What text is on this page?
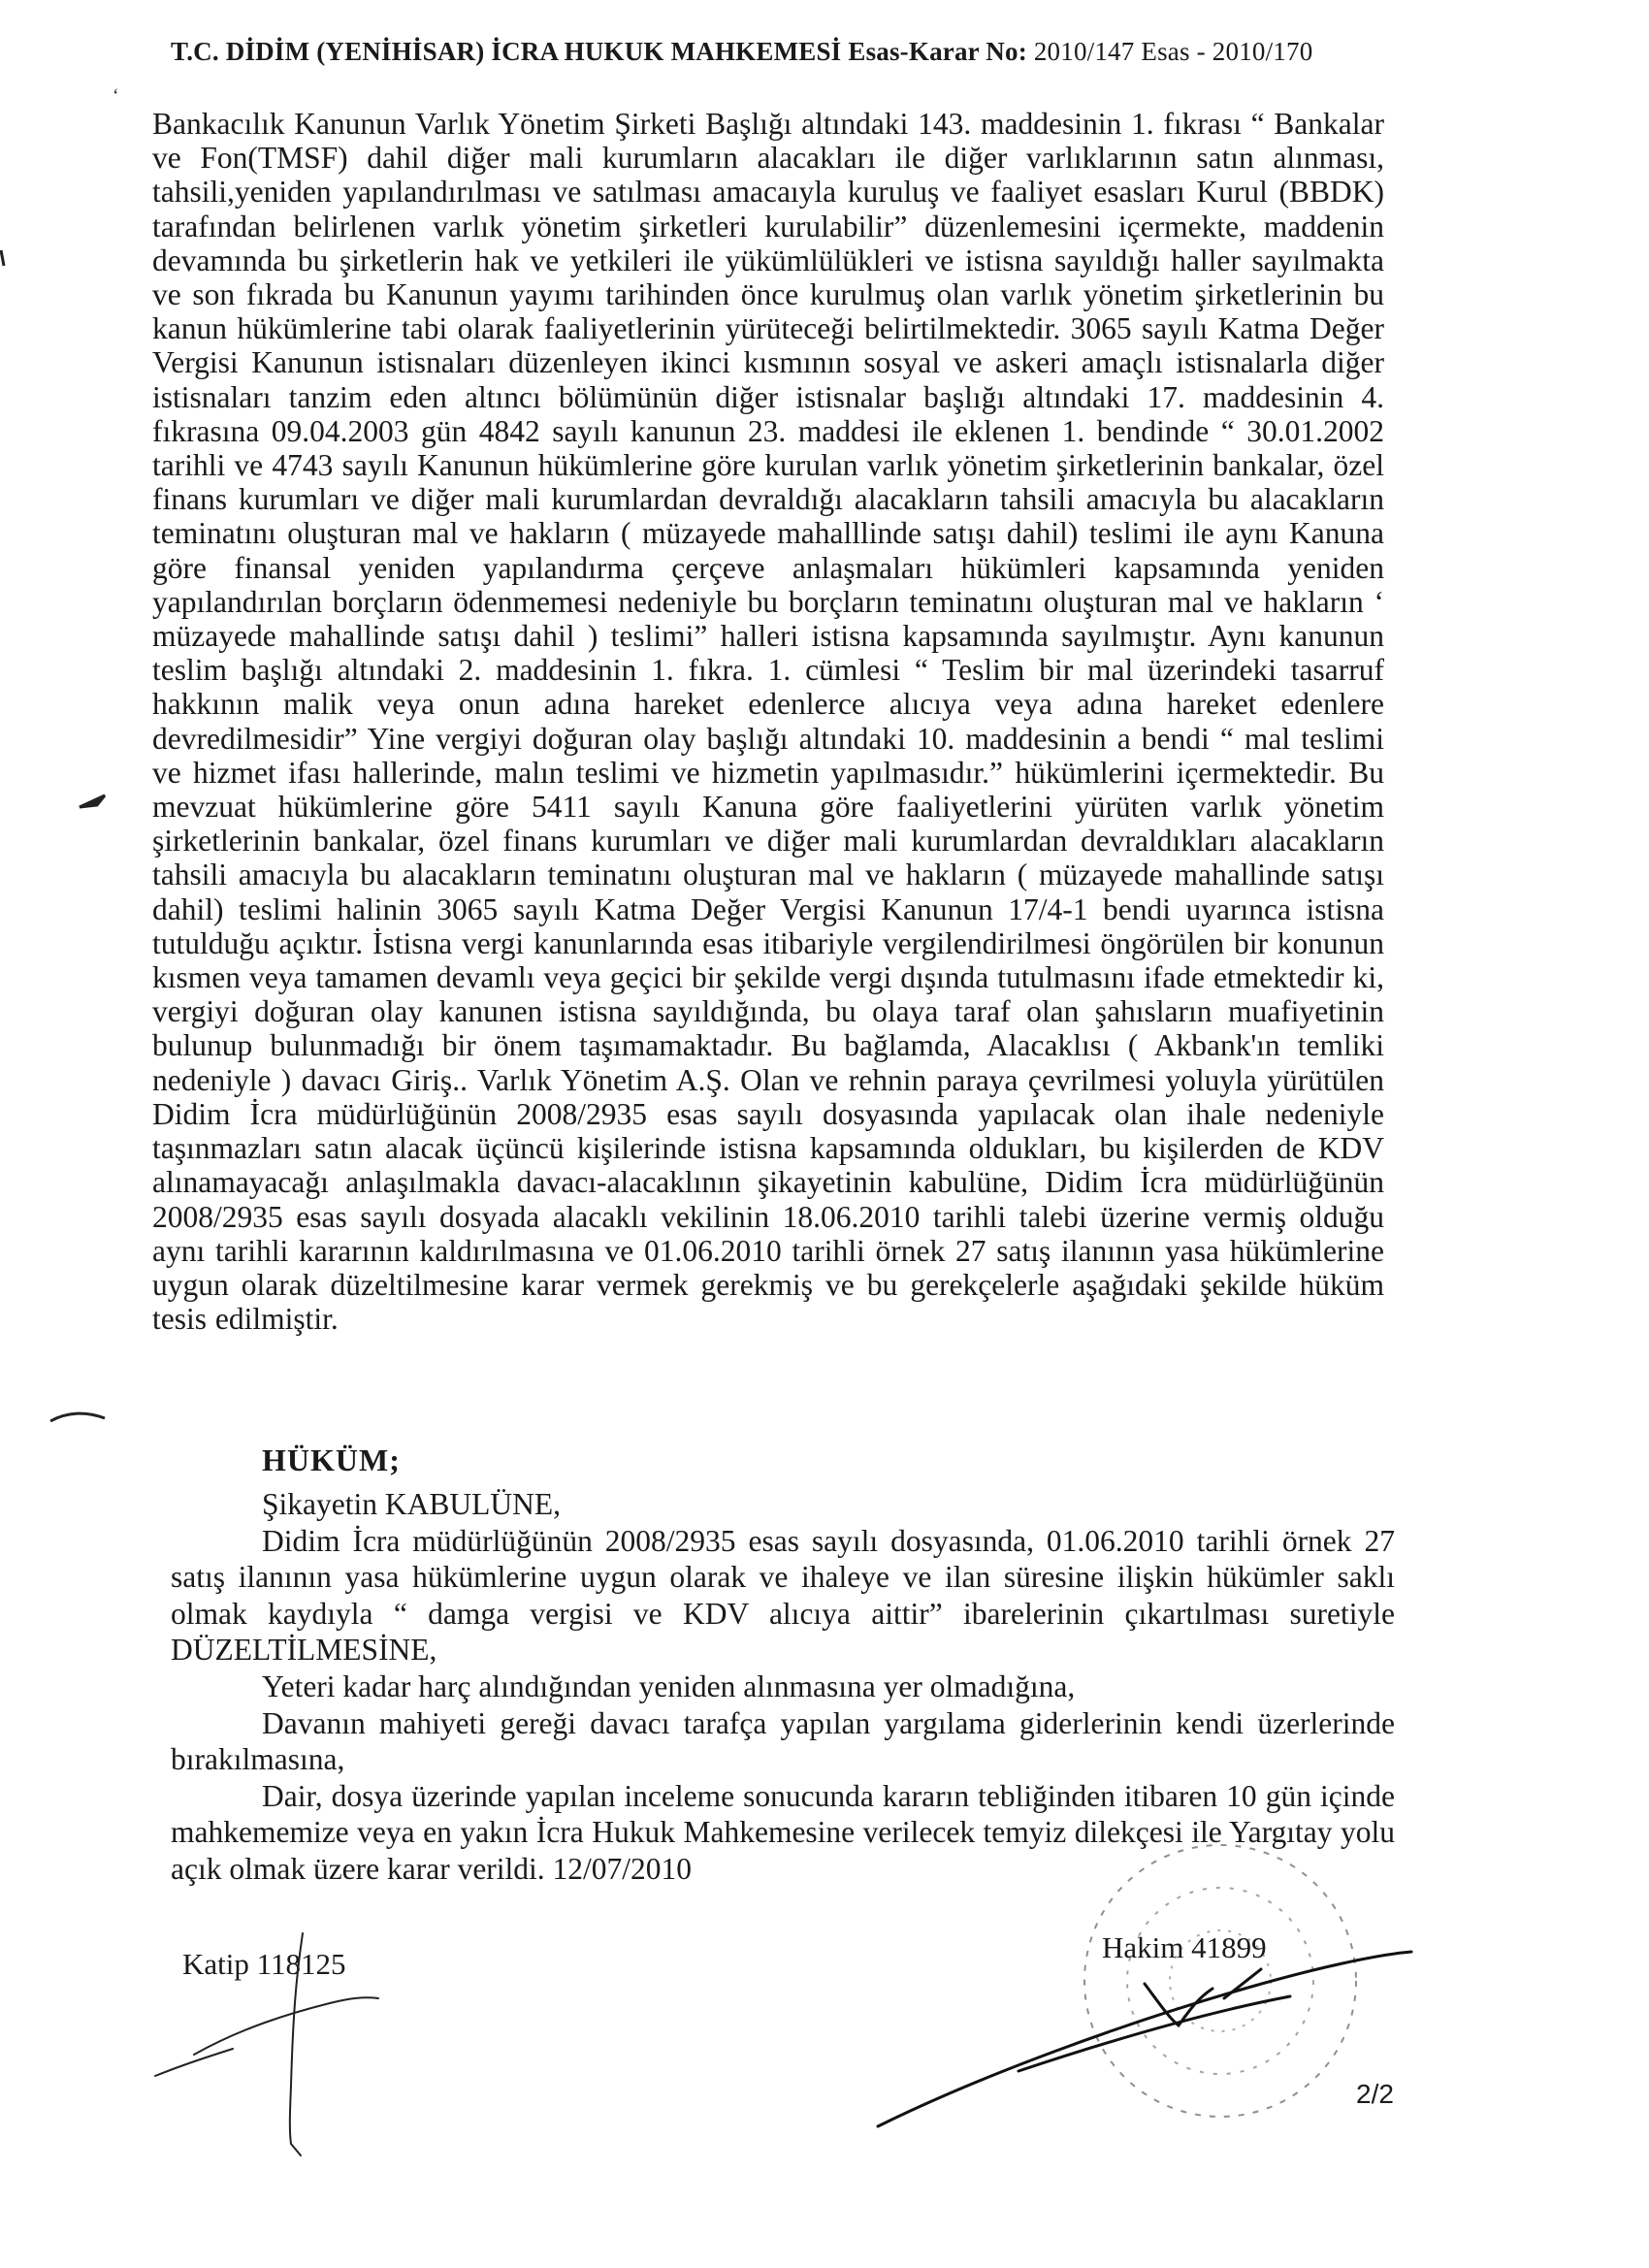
T.C. DİDİM (YENİHİSAR) İCRA HUKUK MAHKEMESİ Esas-Karar No: 2010/147 Esas - 2010/170
‘

Bankacılık Kanunun Varlık Yönetim Şirketi Başlığı altındaki 143. maddesinin 1. fıkrası “ Bankalar ve Fon(TMSF) dahil diğer mali kurumların alacakları ile diğer varlıklarının satın alınması, tahsili,yeniden yapılandırılması ve satılması amacaıyla kuruluş ve faaliyet esasları Kurul (BBDK) tarafından belirlenen varlık yönetim şirketleri kurulabilir” düzenlemesini içermekte, maddenin devamında bu şirketlerin hak ve yetkileri ile yükümlülükleri ve istisna sayıldığı haller sayılmakta ve son fıkrada bu Kanunun yayımı tarihinden önce kurulmuş olan varlık yönetim şirketlerinin bu kanun hükümlerine tabi olarak faaliyetlerinin yürüteceği belirtilmektedir. 3065 sayılı Katma Değer Vergisi Kanunun istisnaları düzenleyen ikinci kısmının sosyal ve askeri amaçlı istisnalarla diğer istisnaları tanzim eden altıncı bölümünün diğer istisnalar başlığı altındaki 17. maddesinin 4. fıkrasına 09.04.2003 gün 4842 sayılı kanunun 23. maddesi ile eklenen 1. bendinde “ 30.01.2002 tarihli ve 4743 sayılı Kanunun hükümlerine göre kurulan varlık yönetim şirketlerinin bankalar, özel finans kurumları ve diğer mali kurumlardan devraldığı alacakların tahsili amacıyla bu alacakların teminatını oluşturan mal ve hakların ( müzayede mahalllinde satışı dahil) teslimi ile aynı Kanuna göre finansal yeniden yapılandırma çerçeve anlaşmaları hükümleri kapsamında yeniden yapılandırılan borçların ödenmemesi nedeniyle bu borçların teminatını oluşturan mal ve hakların ‘ müzayede mahallinde satışı dahil ) teslimi” halleri istisna kapsamında sayılmıştır. Aynı kanunun teslim başlığı altındaki 2. maddesinin 1. fıkra. 1. cümlesi “ Teslim bir mal üzerindeki tasarruf hakkının malik veya onun adına hareket edenlerce alıcıya veya adına hareket edenlere devredilmesidir” Yine vergiyi doğuran olay başlığı altındaki 10. maddesinin a bendi “ mal teslimi ve hizmet ifası hallerinde, malın teslimi ve hizmetin yapılmasıdır.” hükümlerini içermektedir. Bu mevzuat hükümlerine göre 5411 sayılı Kanuna göre faaliyetlerini yürüten varlık yönetim şirketlerinin bankalar, özel finans kurumları ve diğer mali kurumlardan devraldıkları alacakların tahsili amacıyla bu alacakların teminatını oluşturan mal ve hakların ( müzayede mahallinde satışı dahil) teslimi halinin 3065 sayılı Katma Değer Vergisi Kanunun 17/4-1 bendi uyarınca istisna tutulduğu açıktır. İstisna vergi kanunlarında esas itibariyle vergilendirilmesi öngörülen bir konunun kısmen veya tamamen devamlı veya geçici bir şekilde vergi dışında tutulmasını ifade etmektedir ki, vergiyi doğuran olay kanunen istisna sayıldığında, bu olaya taraf olan şahısların muafiyetinin bulunup bulunmadığı bir önem taşımamaktadır. Bu bağlamda, Alacaklısı ( Akbank'ın temliki nedeniyle ) davacı Giriş.. Varlık Yönetim A.Ş. Olan ve rehnin paraya çevrilmesi yoluyla yürütülen Didim İcra müdürlüğünün 2008/2935 esas sayılı dosyasında yapılacak olan ihale nedeniyle taşınmazları satın alacak üçüncü kişilerinde istisna kapsamında oldukları, bu kişilerden de KDV alınamayacağı anlaşılmakla davacı-alacaklının şikayetinin kabulüne, Didim İcra müdürlüğünün 2008/2935 esas sayılı dosyada alacaklı vekilinin 18.06.2010 tarihli talebi üzerine vermiş olduğu aynı tarihli kararının kaldırılmasına ve 01.06.2010 tarihli örnek 27 satış ilanının yasa hükümlerine uygun olarak düzeltilmesine karar vermek gerekmiş ve bu gerekçelerle aşağıdaki şekilde hüküm tesis edilmiştir.

HÜKÜM;

Şikayetin KABULÜNE,

Didim İcra müdürlüğünün 2008/2935 esas sayılı dosyasında, 01.06.2010 tarihli örnek 27 satış ilanının yasa hükümlerine uygun olarak ve ihaleye ve ilan süresine ilişkin hükümler saklı olmak kaydıyla “ damga vergisi ve KDV alıcıya aittir” ibarelerinin çıkartılması suretiyle DÜZELTİLMESİNE,

Yeteri kadar harç alındığından yeniden alınmasına yer olmadığına,

Davanın mahiyeti gereği davacı tarafça yapılan yargılama giderlerinin kendi üzerlerinde bırakılmasına,

Dair, dosya üzerinde yapılan inceleme sonucunda kararın tebliğinden itibaren 10 gün içinde mahkememize veya en yakın İcra Hukuk Mahkemesine verilecek temyiz dilekçesi ile Yargıtay yolu açık olmak üzere karar verildi. 12/07/2010

Katip 118125	Hakim 41899
2/2
